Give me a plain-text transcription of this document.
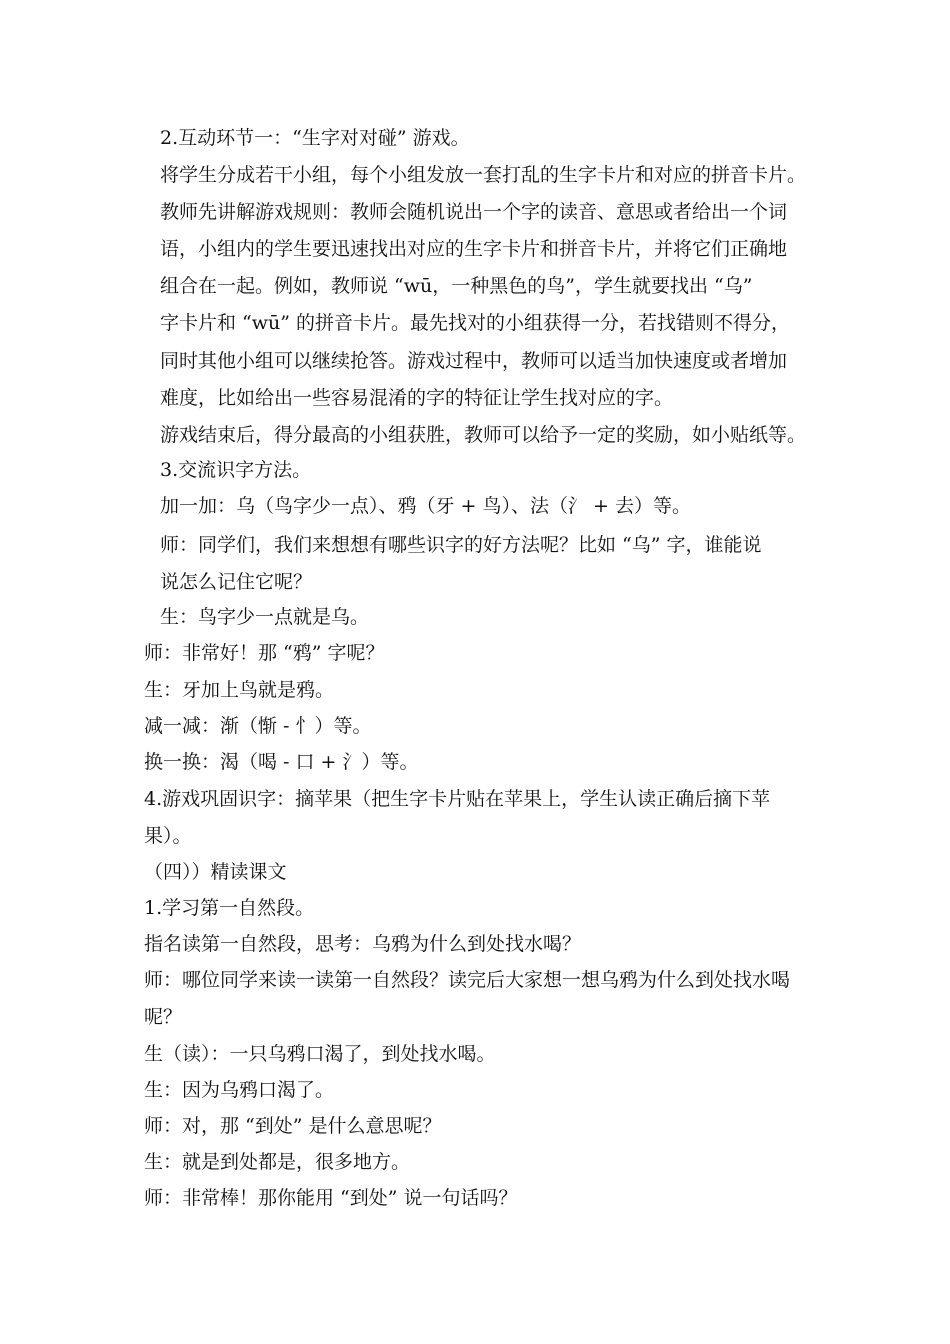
2.互动环节一：“生字对对碰” 游戏。
将学生分成若干小组，每个小组发放一套打乱的生字卡片和对应的拼音卡片。
教师先讲解游戏规则：教师会随机说出一个字的读音、意思或者给出一个词
语，小组内的学生要迅速找出对应的生字卡片和拼音卡片，并将它们正确地
组合在一起。例如，教师说 “wū，一种黑色的鸟”，学生就要找出 “乌”
字卡片和 “wū” 的拼音卡片。最先找对的小组获得一分，若找错则不得分，
同时其他小组可以继续抢答。游戏过程中，教师可以适当加快速度或者增加
难度，比如给出一些容易混淆的字的特征让学生找对应的字。
游戏结束后，得分最高的小组获胜，教师可以给予一定的奖励，如小贴纸等。
3.交流识字方法。
加一加：乌（鸟字少一点）、鸦（牙 + 鸟）、法（氵 + 去）等。
师：同学们，我们来想想有哪些识字的好方法呢？比如 “乌” 字，谁能说
说怎么记住它呢？
生：鸟字少一点就是乌。
师：非常好！那 “鸦” 字呢？
生：牙加上鸟就是鸦。
减一减：渐（惭 - 忄）等。
换一换：渴（喝 - 口 + 氵）等。
4.游戏巩固识字：摘苹果（把生字卡片贴在苹果上，学生认读正确后摘下苹
果）。
（四））精读课文
1.学习第一自然段。
指名读第一自然段，思考：乌鸦为什么到处找水喝？
师：哪位同学来读一读第一自然段？读完后大家想一想乌鸦为什么到处找水喝
呢？
生（读）：一只乌鸦口渴了，到处找水喝。
生：因为乌鸦口渴了。
师：对，那 “到处” 是什么意思呢？
生：就是到处都是，很多地方。
师：非常棒！那你能用 “到处” 说一句话吗？
